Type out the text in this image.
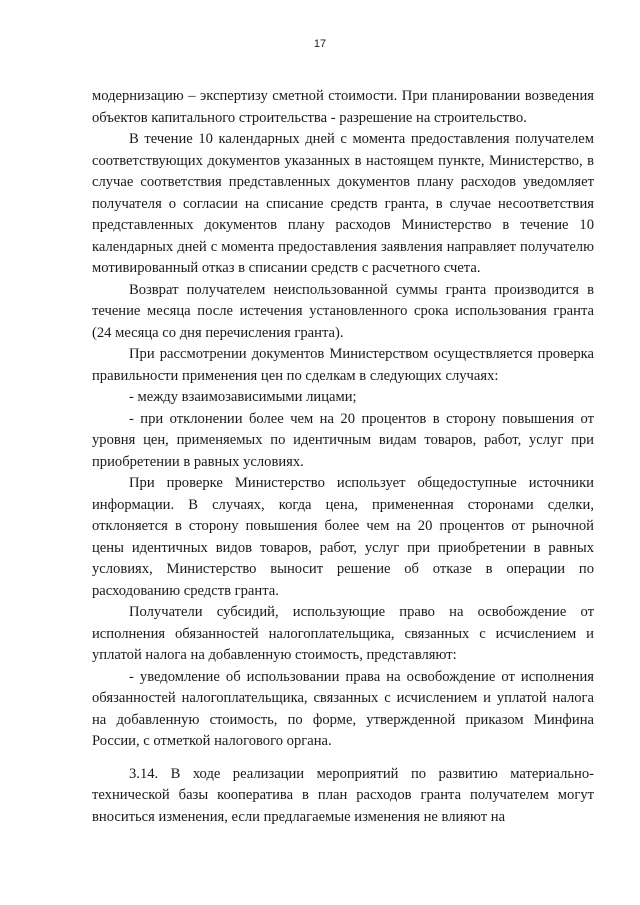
17

модернизацию – экспертизу сметной стоимости. При планировании возведения объектов капитального строительства - разрешение на строительство.

В течение 10 календарных дней с момента предоставления получателем соответствующих документов указанных в настоящем пункте, Министерство, в случае соответствия представленных документов плану расходов уведомляет получателя о согласии на списание средств гранта, в случае несоответствия представленных документов плану расходов Министерство в течение 10 календарных дней с момента предоставления заявления направляет получателю мотивированный отказ в списании средств с расчетного счета.

Возврат получателем неиспользованной суммы гранта производится в течение месяца после истечения установленного срока использования гранта (24 месяца со дня перечисления гранта).

При рассмотрении документов Министерством осуществляется проверка правильности применения цен по сделкам в следующих случаях:

- между взаимозависимыми лицами;

- при отклонении более чем на 20 процентов в сторону повышения от уровня цен, применяемых по идентичным видам товаров, работ, услуг при приобретении в равных условиях.

При проверке Министерство использует общедоступные источники информации. В случаях, когда цена, примененная сторонами сделки, отклоняется в сторону повышения более чем на 20 процентов от рыночной цены идентичных видов товаров, работ, услуг при приобретении в равных условиях, Министерство выносит решение об отказе в операции по расходованию средств гранта.

Получатели субсидий, использующие право на освобождение от исполнения обязанностей налогоплательщика, связанных с исчислением и уплатой налога на добавленную стоимость, представляют:

- уведомление об использовании права на освобождение от исполнения обязанностей налогоплательщика, связанных с исчислением и уплатой налога на добавленную стоимость, по форме, утвержденной приказом Минфина России, с отметкой налогового органа.

3.14. В ходе реализации мероприятий по развитию материально-технической базы кооператива в план расходов гранта получателем могут вноситься изменения, если предлагаемые изменения не влияют на
